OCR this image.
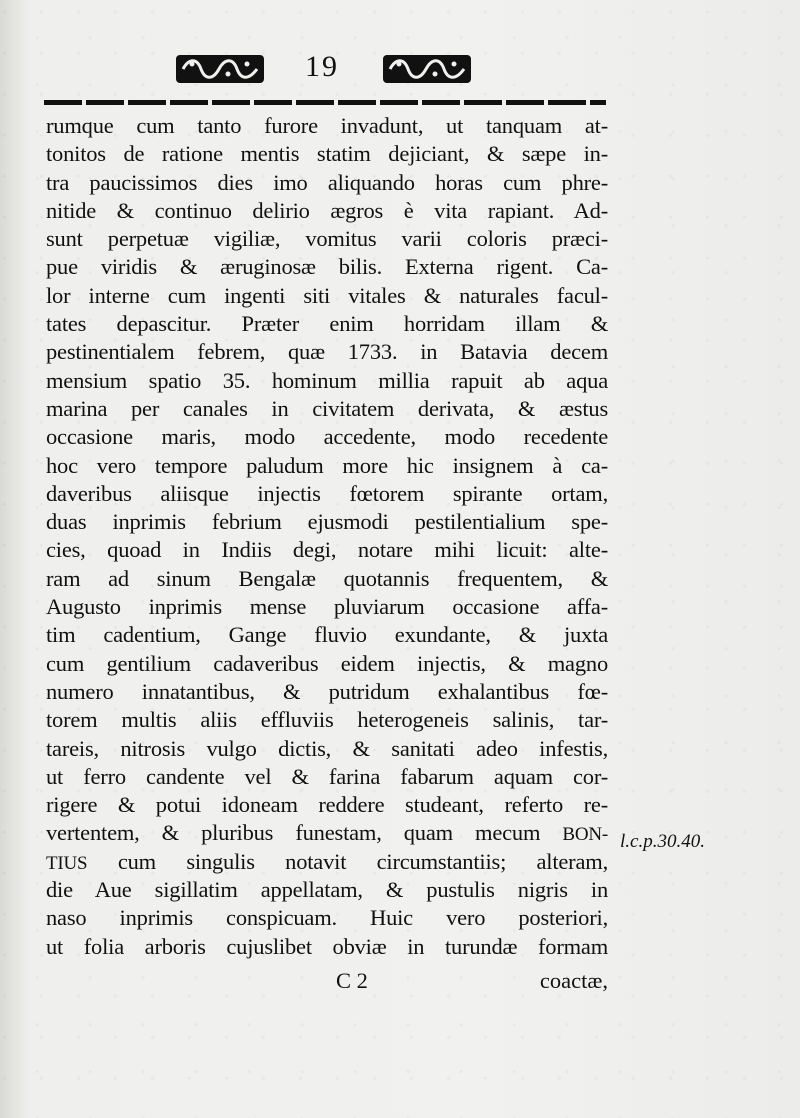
19
rumque cum tanto furore invadunt, ut tanquam at-
tonitos de ratione mentis statim dejiciant, & sæpe in-
tra paucissimos dies imo aliquando horas cum phre-
nitide & continuo delirio ægros è vita rapiant. Ad-
sunt perpetuæ vigiliæ, vomitus varii coloris præci-
pue viridis & æruginosæ bilis. Externa rigent. Ca-
lor interne cum ingenti siti vitales & naturales facul-
tates depascitur. Præter enim horridam illam &
pestinentialem febrem, quæ 1733. in Batavia decem
mensium spatio 35. hominum millia rapuit ab aqua
marina per canales in civitatem derivata, & æstus
occasione maris, modo accedente, modo recedente
hoc vero tempore paludum more hic insignem à ca-
daveribus aliisque injectis fœtorem spirante ortam,
duas inprimis febrium ejusmodi pestilentialium spe-
cies, quoad in Indiis degi, notare mihi licuit: alte-
ram ad sinum Bengalæ quotannis frequentem, &
Augusto inprimis mense pluviarum occasione affa-
tim cadentium, Gange fluvio exundante, & juxta
cum gentilium cadaveribus eidem injectis, & magno
numero innatantibus, & putridum exhalantibus fœ-
torem multis aliis effluviis heterogeneis salinis, tar-
tareis, nitrosis vulgo dictis, & sanitati adeo infestis,
ut ferro candente vel & farina fabarum aquam cor-
rigere & potui idoneam reddere studeant, referto re-
vertentem, & pluribus funestam, quam mecum BON-
TIUS cum singulis notavit circumstantiis; alteram,
die Aue sigillatim appellatam, & pustulis nigris in
naso inprimis conspicuam. Huic vero posteriori,
ut folia arboris cujuslibet obviæ in turundæ formam
l.c.p.30.40.
C 2	coactæ,
